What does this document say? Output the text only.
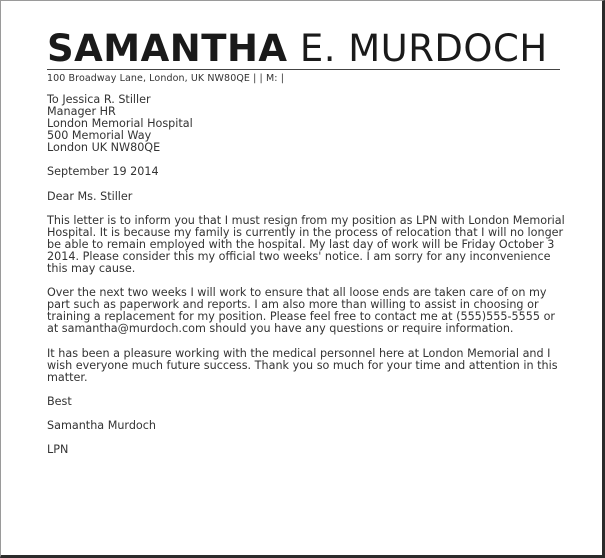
SAMANTHA E. MURDOCH
100 Broadway Lane, London, UK NW80QE | | M: |
To Jessica R. Stiller
Manager HR
London Memorial Hospital
500 Memorial Way
London UK NW80QE

September 19 2014

Dear Ms. Stiller

This letter is to inform you that I must resign from my position as LPN with London Memorial Hospital. It is because my family is currently in the process of relocation that I will no longer be able to remain employed with the hospital. My last day of work will be Friday October 3 2014. Please consider this my official two weeks' notice. I am sorry for any inconvenience this may cause.

Over the next two weeks I will work to ensure that all loose ends are taken care of on my part such as paperwork and reports. I am also more than willing to assist in choosing or training a replacement for my position. Please feel free to contact me at (555)555-5555 or at samantha@murdoch.com should you have any questions or require information.

It has been a pleasure working with the medical personnel here at London Memorial and I wish everyone much future success. Thank you so much for your time and attention in this matter.

Best

Samantha Murdoch

LPN
